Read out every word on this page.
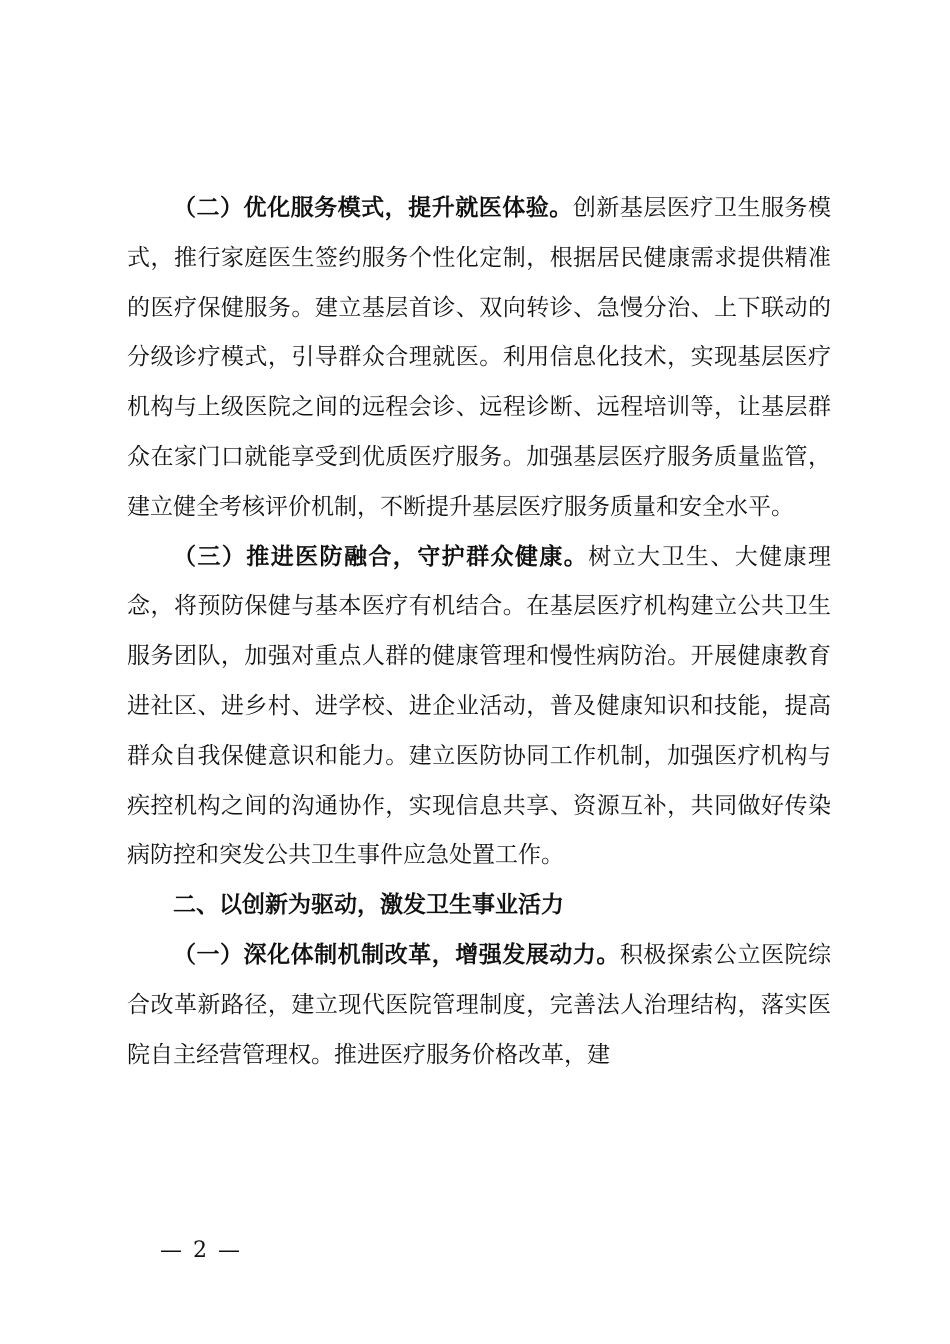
（二）优化服务模式，提升就医体验。创新基层医疗卫生服务模式，推行家庭医生签约服务个性化定制，根据居民健康需求提供精准的医疗保健服务。建立基层首诊、双向转诊、急慢分治、上下联动的分级诊疗模式，引导群众合理就医。利用信息化技术，实现基层医疗机构与上级医院之间的远程会诊、远程诊断、远程培训等，让基层群众在家门口就能享受到优质医疗服务。加强基层医疗服务质量监管，建立健全考核评价机制，不断提升基层医疗服务质量和安全水平。

（三）推进医防融合，守护群众健康。树立大卫生、大健康理念，将预防保健与基本医疗有机结合。在基层医疗机构建立公共卫生服务团队，加强对重点人群的健康管理和慢性病防治。开展健康教育进社区、进乡村、进学校、进企业活动，普及健康知识和技能，提高群众自我保健意识和能力。建立医防协同工作机制，加强医疗机构与疾控机构之间的沟通协作，实现信息共享、资源互补，共同做好传染病防控和突发公共卫生事件应急处置工作。

二、以创新为驱动，激发卫生事业活力

（一）深化体制机制改革，增强发展动力。积极探索公立医院综合改革新路径，建立现代医院管理制度，完善法人治理结构，落实医院自主经营管理权。推进医疗服务价格改革，建

— 2 —
